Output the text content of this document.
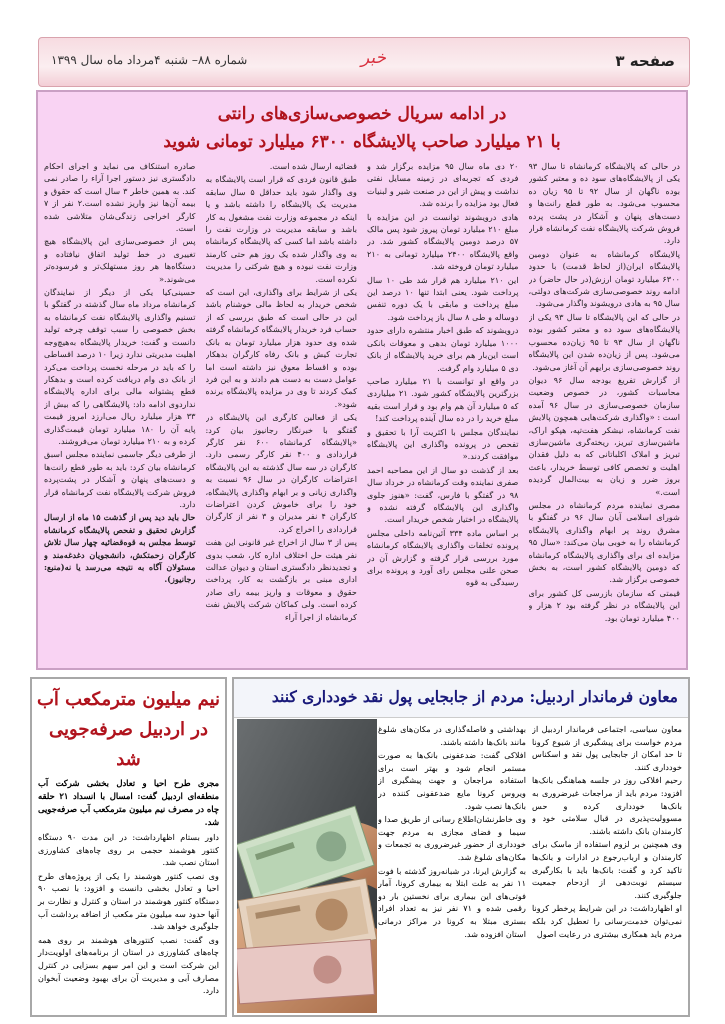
صفحه ۳
خبر
شماره ۸۸– شنبه ۴مرداد ماه سال ۱۳۹۹
در ادامه سریال خصوصی‌سازی‌های رانتی
با ۲۱ میلیارد صاحب پالایشگاه ۶۳۰۰ میلیارد تومانی شوید

در حالی که پالایشگاه کرمانشاه تا سال ۹۳ یکی از پالایشگاه‌های سود ده و معتبر کشور بوده ناگهان از سال ۹۲ تا ۹۵ زیان ده محسوب می‌شود. به طور قطع رانت‌ها و دست‌های پنهان و آشکار در پشت پرده فروش شرکت پالایشگاه نفت کرمانشاه قرار دارد.

پالایشگاه کرمانشاه به عنوان دومین پالایشگاه ایران(از لحاظ قدمت) با حدود ۶۳۰۰ میلیارد تومان ارزش(در حال حاضر) در ادامه روند خصوصی‌سازی شرکت‌های دولتی، سال ۹۵ به هادی درویشوند واگذار می‌شود.

در حالی که این پالایشگاه تا سال ۹۳ یکی از پالایشگاه‌های سود ده و معتبر کشور بوده ناگهان از سال ۹۳ تا ۹۵ زیان‌ده محسوب می‌شود. پس از زیان‌ده شدن این پالایشگاه روند خصوصی‌سازی برایهم آن آغاز می‌شود.

از گزارش تفریغ بودجه سال ۹۶ دیوان محاسبات کشور، در خصوص وضعیت سازمان خصوصی‌سازی در سال ۹۶ آمده است : «واگذاری شرکت‌هایی همچون پالایش نفت کرمانشاه، نیشکر هفت‌تپه، هپکو اراک، ماشین‌سازی تبریز، ریخته‌گری ماشین‌سازی تبریز و املاک اکلباتانی که به دلیل فقدان اهلیت و تخصص کافی توسط خریدار، باعث بروز ضرر و زیان به بیت‌المال گردیده است.»

مصری نماینده مردم کرمانشاه در مجلس شورای اسلامی آبان سال ۹۶ در گفتگو با مشرق روند پر ابهام واگذاری پالایشگاه کرمانشاه را به خوبی بیان می‌کند: «سال ۹۵ مزایده ای برای واگذاری پالایشگاه کرمانشاه که دومین پالایشگاه کشور است، به بخش خصوصی برگزار شد.

قیمتی که سازمان بازرسی کل کشور برای این پالایشگاه در نظر گرفته بود ۲ هزار و ۴۰۰ میلیارد تومان بود.

۲۰ دی ماه سال ۹۵ مزایده برگزار شد و فردی که تجربه‌ای در زمینه مسایل نفتی نداشت و پیش از این در صنعت شیر و لبنیات فعال بود مزایده را برنده شد.

هادی درویشوند توانست در این مزایده با مبلغ ۲۱۰ میلیارد تومان پیروز شود پس مالک ۵۷ درصد دومین پالایشگاه کشور شد. در واقع پالایشگاه ۲۴۰۰ میلیارد تومانی به ۲۱۰ میلیارد تومان فروخته شد.

این ۲۱۰ میلیارد هم قرار شد طی ۱۰ سال پرداخت شود. یعنی ابتدا تنها ۱۰ درصد این مبلغ پرداخت و مابقی با یک دوره تنفس دوساله و طی ۸ سال باز پرداخت شود.

درویشوند که طبق اخبار منتشره دارای حدود ۱۰۰۰ میلیارد تومان بدهی و معوقات بانکی است این‌بار هم برای خرید پالایشگاه از بانک دی ۵ میلیارد وام گرفت.

در واقع او توانست با ۲۱ میلیارد صاحب بزرگترین پالایشگاه کشور شود. ۲۱ میلیاردی که ۵ میلیارد آن هم وام بود و قرار است بقیه مبلغ خرید را در ده سال آینده پرداخت کند!

نمایندگان مجلس با اکثریت آرا با تحقیق و تفحص در پرونده واگذاری این پالایشگاه موافقت کردند.«

بعد از گذشت دو سال از این مصاحبه احمد صفری نماینده وقت کرمانشاه در خرداد سال ۹۸ در گفتگو با فارس، گفت: «هنوز جلوی واگذاری این پالایشگاه گرفته نشده و پالایشگاه در اختیار شخص خریدار است.

بر اساس ماده ۳۳۴ آئین‌نامه داخلی مجلس پرونده تخلفات واگذاری پالایشگاه کرمانشاه مورد بررسی قرار گرفته و گزارش آن در صحن علنی مجلس رای آورد و پرونده برای رسیدگی به قوه

قضائیه ارسال شده است.

طبق قانون فردی که قرار است پالایشگاه به وی واگذار شود باید حداقل ۵ سال سابقه مدیریت یک پالایشگاه را داشته باشد و یا اینکه در مجموعه وزارت نفت مشغول به کار باشد و سابقه مدیریت در وزارت نفت را داشته باشد اما کسی که پالایشگاه کرمانشاه به وی واگذار شده یک روز هم حتی کارمند وزارت نفت نبوده و هیچ شرکتی را مدیریت نکرده است.

یکی از شرایط برای واگذاری، این است که شخص خریدار به لحاظ مالی خوشنام باشد این در حالی است که طبق بررسی که از حساب فرد خریدار پالایشگاه کرمانشاه گرفته شده وی حدود هزار میلیارد تومان به بانک تجارت کیش و بانک رفاه کارگران بدهکار بوده و اقساط معوق نیز داشته است اما عوامل دست به دست هم دادند و به این فرد کمک کردند تا وی در مزایده پالایشگاه برنده شود«.

یکی از فعالین کارگری این پالایشگاه در گفتگو با خبرنگار رجانیوز بیان کرد: «پالایشگاه کرمانشاه ۶۰۰ نفر کارگر قراردادی و ۴۰۰ نفر کارگر رسمی دارد. کارگران در سه سال گذشته به این پالایشگاه اعتراضات کارگران در سال ۹۶ نسبت به واگذاری زیانی و بر ابهام واگذاری پالایشگاه، خود را برای خاموش کردن اعتراضات کارگران ۴ نفر مدیران و ۳ نفر از کارگران قراردادی را اخراج کرد.

پس از ۳ سال از اخراج غیر قانونی این هفت نفر هیئت حل اختلاف اداره کار، شعب بدوی و تجدیدنظر دادگستری استان و دیوان عدالت اداری مبنی بر بازگشت به کار، پرداخت حقوق و معوقات و وارپز بیمه رای صادر کرده است. ولی کماکان شرکت پالایش نفت کرمانشاه از اجرا آراء

صادره استنکاف می نماید و اجرای احکام دادگستری نیز دستور اجرا آراء را صادر نمی کند. به همین خاطر ۳ سال است که حقوق و بیمه آن‌ها نیز واریز نشده است.۲ نفر از ۷ کارگر اخراجی زندگی‌شان متلاشی شده است.

پس از خصوصی‌سازی این پالایشگاه هیچ تغییری در خط تولید اتفاق نیافتاده و دستگاه‌ها هر روز مستهلک‌تر و فرسوده‌تر می‌شوند.«

حسینی‌کیا یکی از دیگر از نمایندگان کرمانشاه مرداد ماه سال گذشته در گفتگو با تسنیم واگذاری پالایشگاه نفت کرمانشاه به بخش خصوصی را سبب توقف چرخه تولید دانست و گفت: خریدار پالایشگاه به‌هیچ‌وجه اهلیت مدیریتی ندارد زیرا ۱۰ درصد اقساطی را که باید در مرحله نخست پرداخت می‌کرد از بانک دی وام دریافت کرده است و بدهکار قطع پشتوانه مالی برای اداره پالایشگاه نداردوی ادامه داد: پالایشگاهی را که بیش از ۳۳ هزار میلیارد ریال می‌ارزد امروز قیمت پایه آن را ۱۸۰ میلیارد تومان قیمت‌گذاری کرده و به ۲۱۰ میلیارد تومان می‌فروشند.

از طرفی دیگر جاسمی نماینده مجلس اسبق کرمانشاه بیان کرد: باید به طور قطع رانت‌ها و دست‌های پنهان و آشکار در پشت‌پرده فروش شرکت پالایشگاه نفت کرمانشاه قرار دارد.

حال باید دید پس از گذشت ۱۵ ماه از ارسال گزارش تحقیق و تفحص پالایشگاه کرمانشاه توسط مجلس به قوه‌قضائیه چهار سال تلاش کارگران زحمتکش، دانشجویان دغدغه‌مند و مسئولان آگاه به نتیجه می‌رسد یا نه(منبع: رجانیوز).

نیم میلیون مترمکعب آب
در اردبیل صرفه‌جویی شد
مجری طرح احیا و تعادل بخشی شرکت آب منطقه‌ای اردبیل گفت: امسال با انسداد ۲۱ حلقه چاه در مصرف نیم میلیون مترمکعب آب صرفه‌جویی شد.

داور بستام اظهارداشت: در این مدت ۹۰ دستگاه کنتور هوشمند حجمی بر روی چاه‌های کشاورزی استان نصب شد.

وی نصب کنتور هوشمند را یکی از پروژه‌های طرح احیا و تعادل بخشی دانست و افزود: با نصب ۹۰ دستگاه کنتور هوشمند در استان و کنترل و نظارت بر آنها حدود سه میلیون متر مکعب از اضافه برداشت آب جلوگیری خواهد شد.

وی گفت: نصب کنتورهای هوشمند بر روی همه چاه‌های کشاورزی در استان از برنامه‌های اولویت‌دار این شرکت است و این امر سهم بسزایی در کنترل مصارف آبی و مدیریت آن برای بهبود وضعیت آبخوان دارد.

معاون فرماندار اردبیل: مردم از جابجایی پول نقد خودداری کنند

معاون سیاسی، اجتماعی فرماندار اردبیل از مردم خواست برای پیشگیری از شیوع کرونا تا حد امکان از جابجایی پول نقد و اسکناس خودداری کنند.

رحیم افلاکی روز در جلسه هماهنگی بانک‌ها افزود: مردم باید از مراجعات غیرضروری به بانک‌ها خودداری کرده و حس مسوولیت‌پذیری در قبال سلامتی خود و کارمندان بانک داشته باشند.

وی همچنین بر لزوم استفاده از ماسک برای کارمندان و ارباب‌رجوع در ادارات و بانک‌ها تاکید کرد و گفت: بانک‌ها باید با بکارگیری سیستم نوبت‌دهی از ازدحام جمعیت جلوگیری کنند.

او اظهارداشت: در این شرایط پرخطر کرونا نمی‌توان خدمت‌رسانی را تعطیل کرد بلکه مردم باید همکاری بیشتری در رعایت اصول

بهداشتی و فاصله‌گذاری در مکان‌های شلوغ مانند بانک‌ها داشته باشند.

افلاکی گفت: ضدعفونی بانک‌ها به صورت مستمر انجام شود و بهتر است برای استفاده مراجعان و جهت پیشگیری از ویروس کرونا مایع ضدعفونی کننده در بانک‌ها نصب شود.

وی خاطرنشان‌اطلاع رسانی از طریق صدا و سیما و فضای مجازی به مردم جهت خودداری از حضور غیرضروری به تجمعات و مکان‌های شلوغ شد.

به گزارش ایرنا، در شبانه‌روز گذشته با فوت ۱۱ نفر به علت ابتلا به بیماری کرونا، آمار فوتی‌های این بیماری برای نخستین بار دو رقمی شده و ۷۱ نفر نیز به تعداد افراد بستری مبتلا به کرونا در مراکز درمانی استان افزوده شد.
